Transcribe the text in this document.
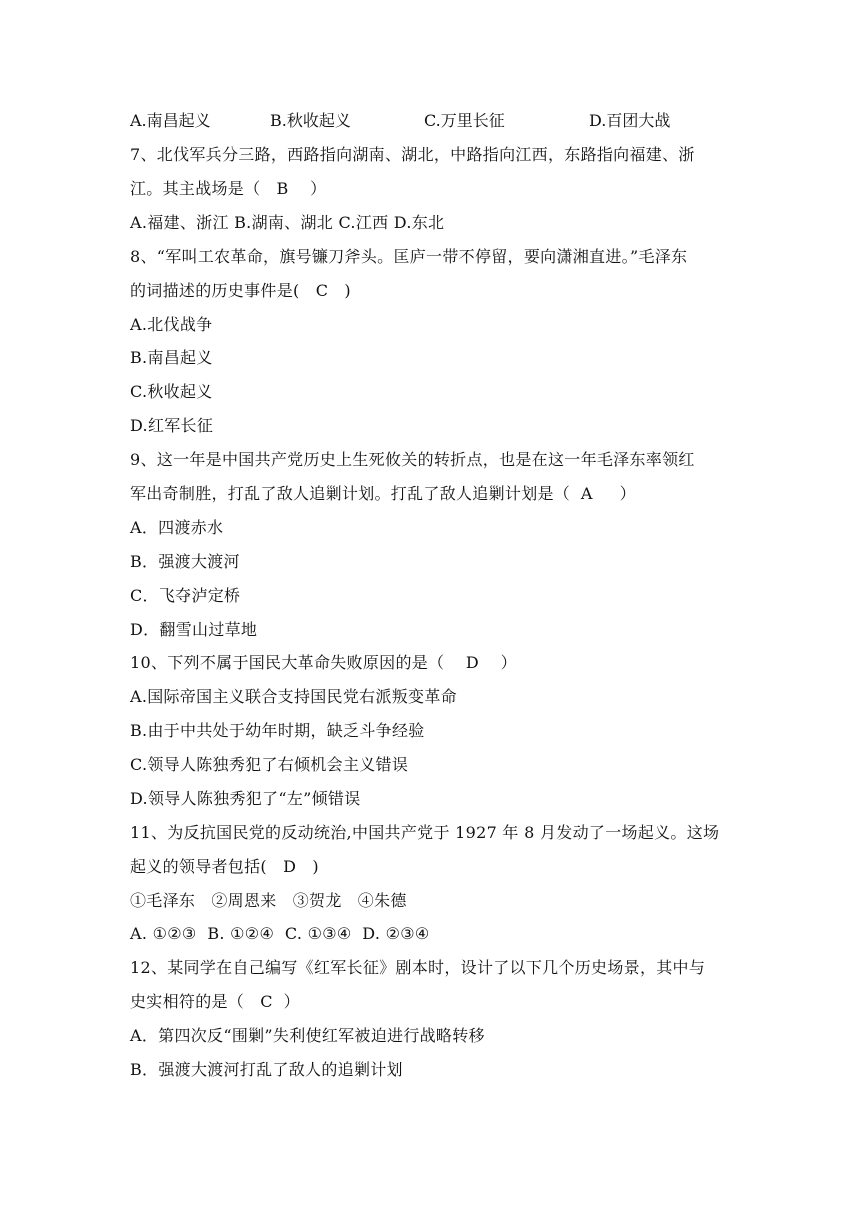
A.南昌起义	B.秋收起义	C.万里长征	D.百团大战
7、北伐军兵分三路，西路指向湖南、湖北，中路指向江西，东路指向福建、浙
江。其主战场是（   B    ）
A.福建、浙江 B.湖南、湖北 C.江西 D.东北
8、“军叫工农革命，旗号镰刀斧头。匡庐一带不停留，要向潇湘直进。”毛泽东
的词描述的历史事件是(   C   )
A.北伐战争
B.南昌起义
C.秋收起义
D.红军长征
9、这一年是中国共产党历史上生死攸关的转折点，也是在这一年毛泽东率领红
军出奇制胜，打乱了敌人追剿计划。打乱了敌人追剿计划是（  A     ）
A．四渡赤水
B．强渡大渡河
C．飞夺泸定桥
D．翻雪山过草地
10、下列不属于国民大革命失败原因的是（    D    ）
A.国际帝国主义联合支持国民党右派叛变革命
B.由于中共处于幼年时期，缺乏斗争经验
C.领导人陈独秀犯了右倾机会主义错误
D.领导人陈独秀犯了“左”倾错误
11、为反抗国民党的反动统治,中国共产党于 1927 年 8 月发动了一场起义。这场
起义的领导者包括(   D   )
①毛泽东   ②周恩来   ③贺龙   ④朱德
A. ①②③  B. ①②④  C. ①③④  D. ②③④
12、某同学在自己编写《红军长征》剧本时，设计了以下几个历史场景，其中与
史实相符的是（   C  ）
A．第四次反“围剿”失利使红军被迫进行战略转移
B．强渡大渡河打乱了敌人的追剿计划
